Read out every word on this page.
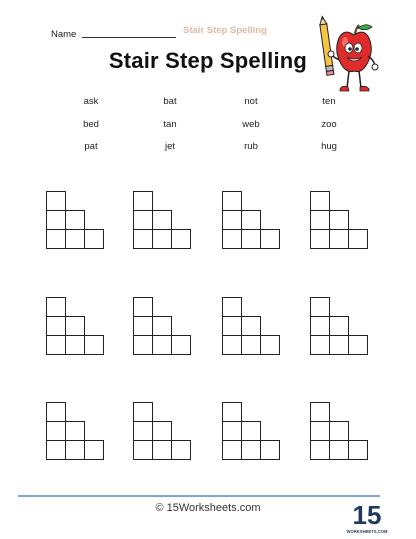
Name	Stair Step Spelling
Stair Step Spelling
ask	bat	not	ten
bed	tan	web	zoo
pat	jet	rub	hug
© 15Worksheets.com	15
WORKSHEETS.COM
